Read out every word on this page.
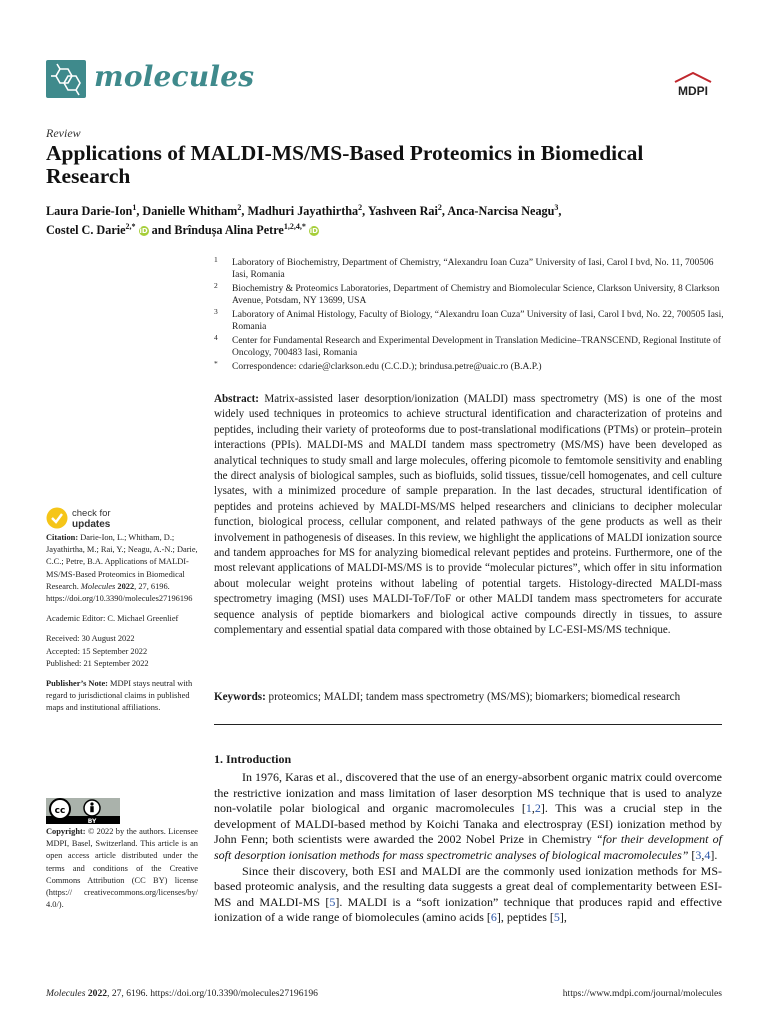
molecules	MDPI
Review
Applications of MALDI-MS/MS-Based Proteomics in Biomedical Research
Laura Darie-Ion$^1$, Danielle Whitham$^2$, Madhuri Jayathirtha$^2$, Yashveen Rai$^2$, Anca-Narcisa Neagu$^3$,
Costel C. Darie$^{2,*}$ iD and Brîndușa Alina Petre$^{1,2,4,*}$ iD
1 Laboratory of Biochemistry, Department of Chemistry, “Alexandru Ioan Cuza” University of Iasi, Carol I bvd, No. 11, 700506 Iasi, Romania
2 Biochemistry & Proteomics Laboratories, Department of Chemistry and Biomolecular Science, Clarkson University, 8 Clarkson Avenue, Potsdam, NY 13699, USA
3 Laboratory of Animal Histology, Faculty of Biology, “Alexandru Ioan Cuza” University of Iasi, Carol I bvd, No. 22, 700505 Iasi, Romania
4 Center for Fundamental Research and Experimental Development in Translation Medicine–TRANSCEND, Regional Institute of Oncology, 700483 Iasi, Romania
* Correspondence: cdarie@clarkson.edu (C.C.D.); brindusa.petre@uaic.ro (B.A.P.)
Abstract: Matrix-assisted laser desorption/ionization (MALDI) mass spectrometry (MS) is one of the most widely used techniques in proteomics to achieve structural identification and characterization of proteins and peptides, including their variety of proteoforms due to post-translational modifications (PTMs) or protein–protein interactions (PPIs). MALDI-MS and MALDI tandem mass spectrometry (MS/MS) have been developed as analytical techniques to study small and large molecules, offering picomole to femtomole sensitivity and enabling the direct analysis of biological samples, such as biofluids, solid tissues, tissue/cell homogenates, and cell culture lysates, with a minimized procedure of sample preparation. In the last decades, structural identification of peptides and proteins achieved by MALDI-MS/MS helped researchers and clinicians to decipher molecular function, biological process, cellular component, and related pathways of the gene products as well as their involvement in pathogenesis of diseases. In this review, we highlight the applications of MALDI ionization source and tandem approaches for MS for analyzing biomedical relevant peptides and proteins. Furthermore, one of the most relevant applications of MALDI-MS/MS is to provide “molecular pictures”, which offer in situ information about molecular weight proteins without labeling of potential targets. Histology-directed MALDI-mass spectrometry imaging (MSI) uses MALDI-ToF/ToF or other MALDI tandem mass spectrometers for accurate sequence analysis of peptide biomarkers and biological active compounds directly in tissues, to assure complementary and essential spatial data compared with those obtained by LC-ESI-MS/MS technique.
Keywords: proteomics; MALDI; tandem mass spectrometry (MS/MS); biomarkers; biomedical research
check for
updates
Citation: Darie-Ion, L.; Whitham, D.; Jayathirtha, M.; Rai, Y.; Neagu, A.-N.; Darie, C.C.; Petre, B.A. Applications of MALDI-MS/MS-Based Proteomics in Biomedical Research. Molecules 2022, 27, 6196. https://doi.org/10.3390/molecules27196196
Academic Editor: C. Michael Greenlief
Received: 30 August 2022
Accepted: 15 September 2022
Published: 21 September 2022
Publisher’s Note: MDPI stays neutral with regard to jurisdictional claims in published maps and institutional affiliations.
cc
BY
Copyright: © 2022 by the authors. Licensee MDPI, Basel, Switzerland. This article is an open access article distributed under the terms and conditions of the Creative Commons Attribution (CC BY) license (https:// creativecommons.org/licenses/by/ 4.0/).
1. Introduction

In 1976, Karas et al., discovered that the use of an energy-absorbent organic matrix could overcome the restrictive ionization and mass limitation of laser desorption MS technique that is used to analyze non-volatile polar biological and organic macromolecules [1,2]. This was a crucial step in the development of MALDI-based method by Koichi Tanaka and electrospray (ESI) ionization method by John Fenn; both scientists were awarded the 2002 Nobel Prize in Chemistry “for their development of soft desorption ionisation methods for mass spectrometric analyses of biological macromolecules” [3,4].

Since their discovery, both ESI and MALDI are the commonly used ionization methods for MS-based proteomic analysis, and the resulting data suggests a great deal of complementarity between ESI-MS and MALDI-MS [5]. MALDI is a “soft ionization” technique that produces rapid and effective ionization of a wide range of biomolecules (amino acids [6], peptides [5],

Molecules 2022, 27, 6196. https://doi.org/10.3390/molecules27196196	https://www.mdpi.com/journal/molecules
